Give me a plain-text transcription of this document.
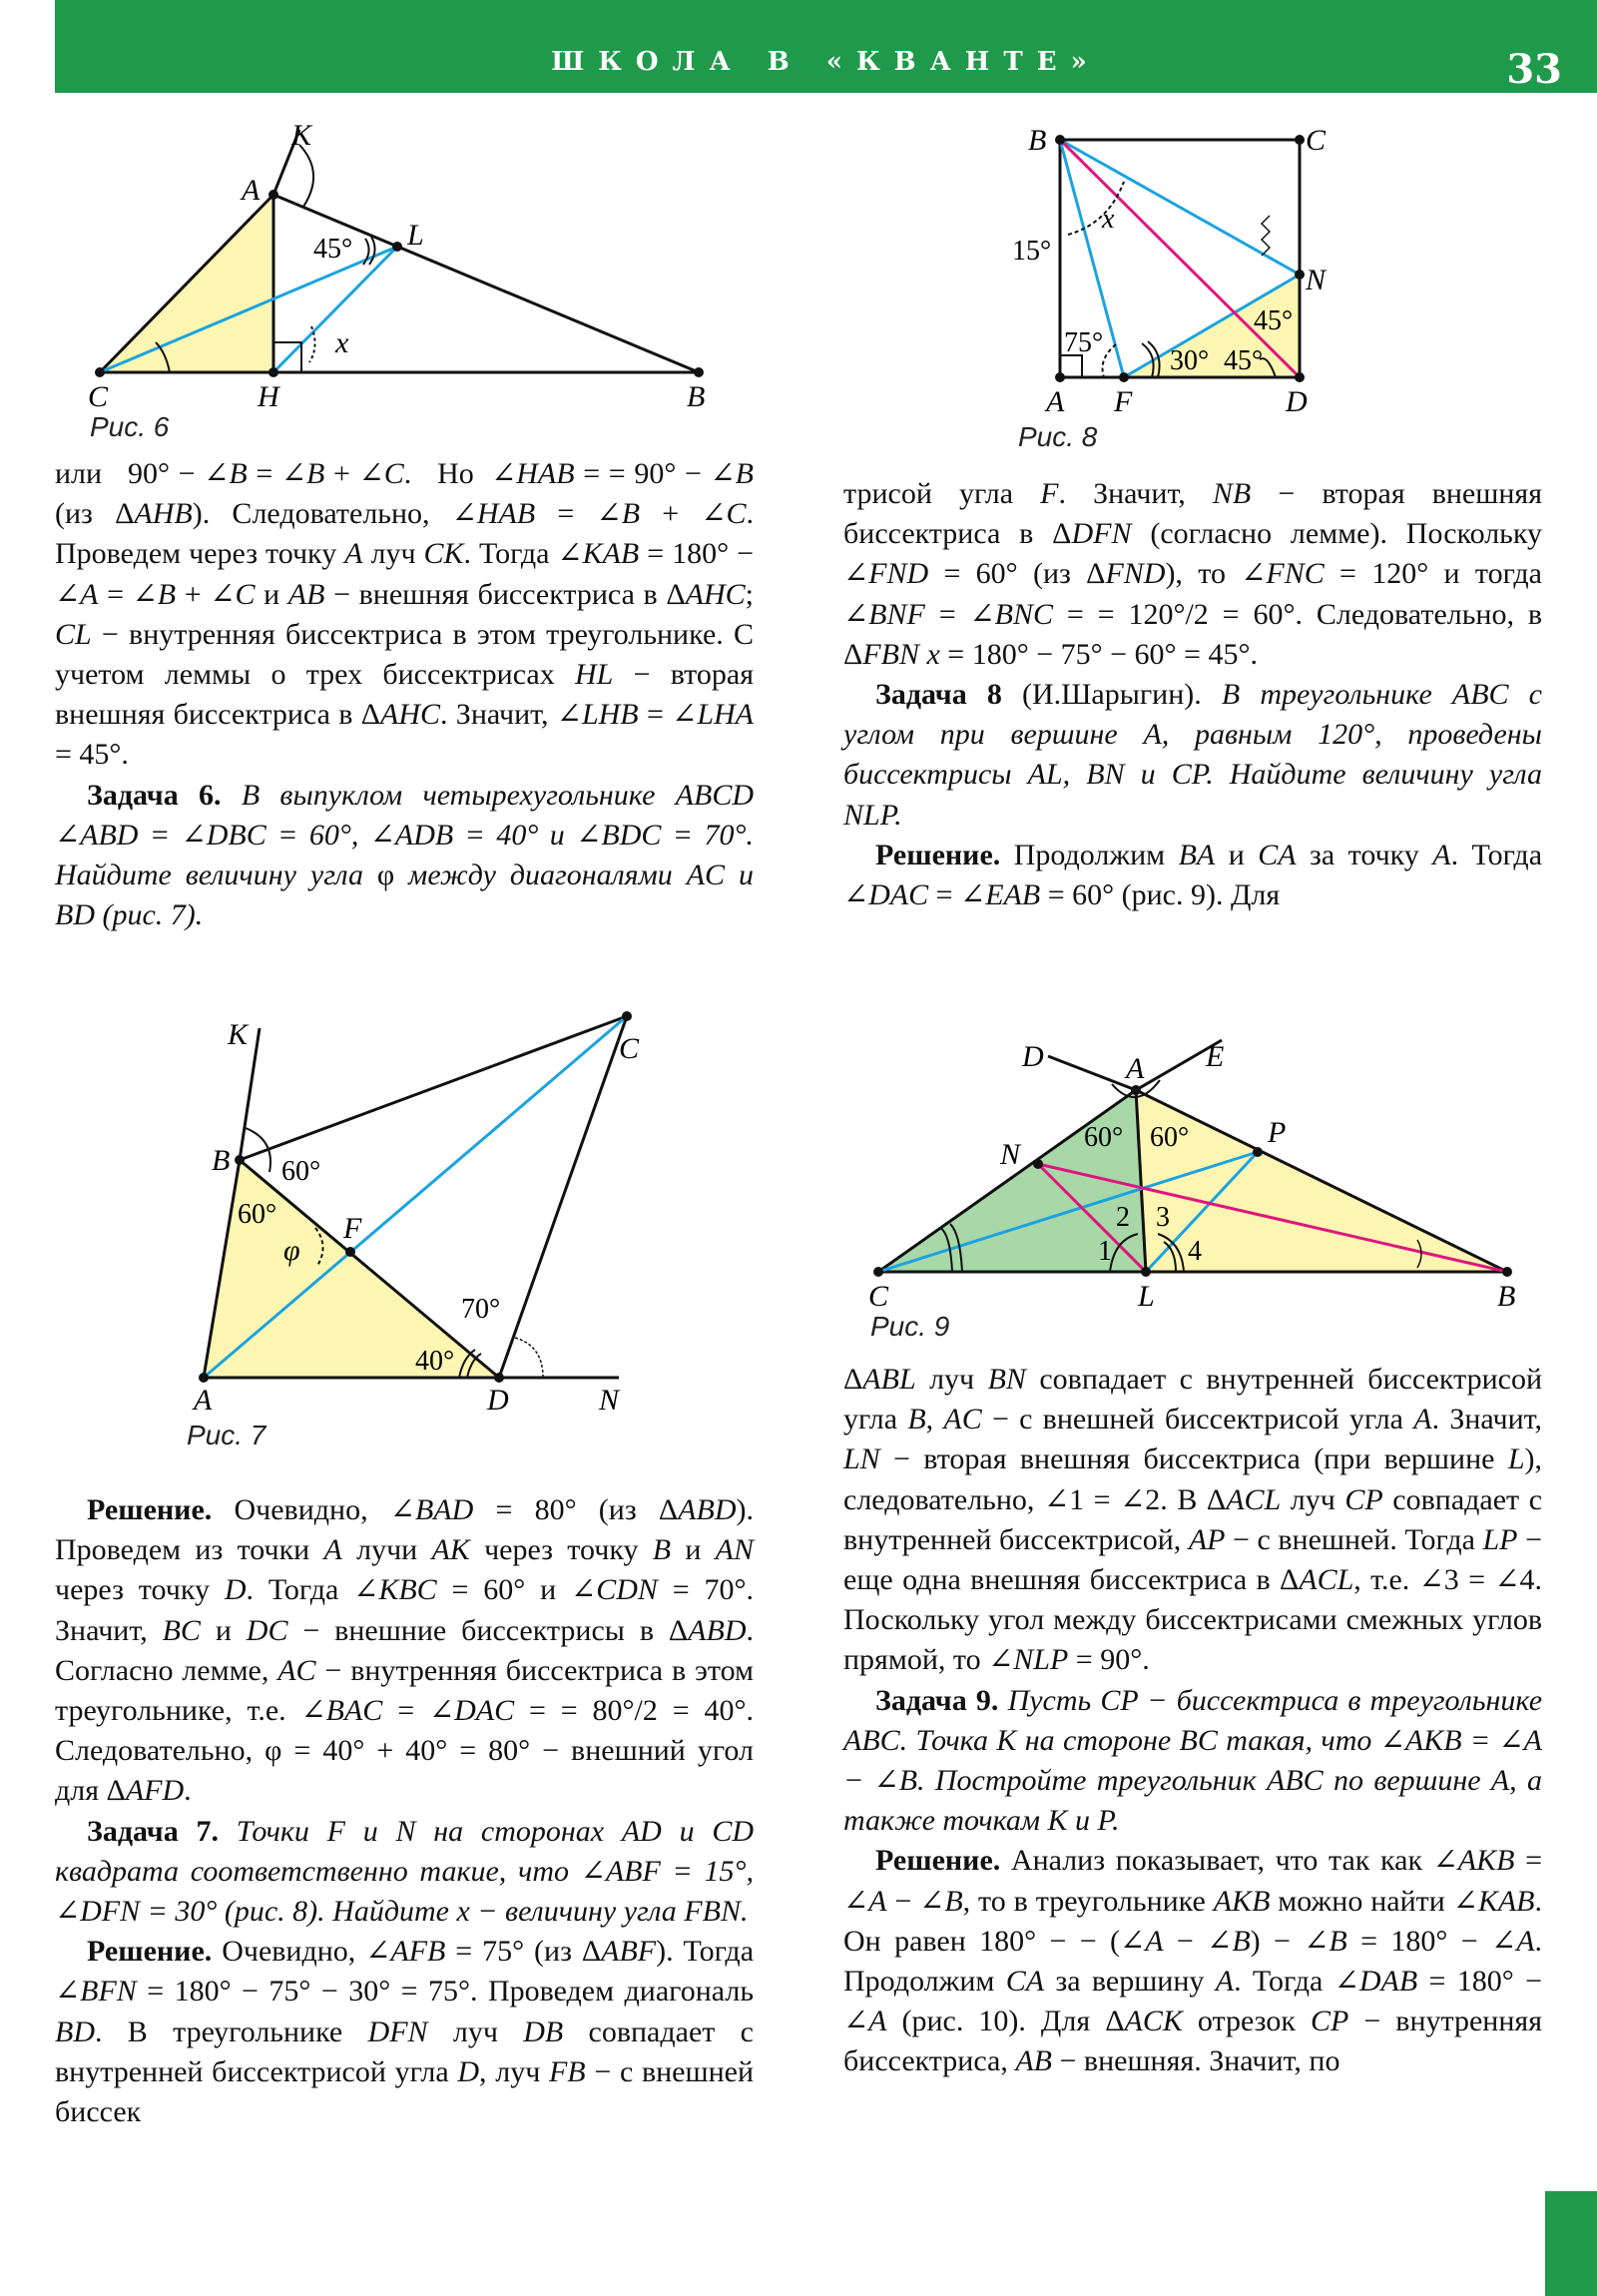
ШКОЛА В «КВАНТЕ»	33
K
A
L
C	H	B
x
45°
Рис. 6
B	C
N
A F	D
x
15°
75°
30° 45°
45°
Рис. 8
K
B
C
F
A	D	N
φ
60°
60°
70°
40°
Рис. 7
D	A E
N
P
C	L	B
60° 60°
1
2 3
4
Рис. 9

или   90° − ∠B = ∠B + ∠C.   Но  ∠HAB = = 90° − ∠B (из ΔAHB). Следовательно, ∠HAB = ∠B + ∠C. Проведем через точку A луч CK. Тогда ∠KAB = 180° − ∠A = ∠B + ∠C и AB − внешняя биссектриса в ΔAHC; CL − внутренняя биссектриса в этом треугольнике. С учетом леммы о трех биссектрисах HL − вторая внешняя биссектриса в ΔAHC. Значит, ∠LHB = ∠LHA = 45°.

Задача 6. В выпуклом четырехугольнике ABCD ∠ABD = ∠DBC = 60°, ∠ADB = 40° и ∠BDC = 70°. Найдите величину угла φ между диагоналями AC и BD (рис. 7).

Решение. Очевидно, ∠BAD = 80° (из ΔABD). Проведем из точки A лучи AK через точку B и AN через точку D. Тогда ∠KBC = 60° и ∠CDN = 70°. Значит, BC и DC − внешние биссектрисы в ΔABD. Согласно лемме, AC − внутренняя биссектриса в этом треугольнике, т.е. ∠BAC = ∠DAC = = 80°/2 = 40°. Следовательно, φ = 40° + 40° = 80° − внешний угол для ΔAFD.

Задача 7. Точки F и N на сторонах AD и CD квадрата соответственно такие, что ∠ABF = 15°, ∠DFN = 30° (рис. 8). Найдите x − величину угла FBN.

Решение. Очевидно, ∠AFB = 75° (из ΔABF). Тогда ∠BFN = 180° − 75° − 30° = 75°. Проведем диагональ BD. В треугольнике DFN луч DB совпадает с внутренней биссектрисой угла D, луч FB − с внешней биссек

трисой угла F. Значит, NB − вторая внешняя биссектриса в ΔDFN (согласно лемме). Поскольку ∠FND = 60° (из ΔFND), то ∠FNC = 120° и тогда ∠BNF = ∠BNC = = 120°/2 = 60°. Следовательно, в ΔFBN x = 180° − 75° − 60° = 45°.

Задача 8 (И.Шарыгин). В треугольнике ABC с углом при вершине A, равным 120°, проведены биссектрисы AL, BN и CP. Найдите величину угла NLP.

Решение. Продолжим BA и CA за точку A. Тогда ∠DAC = ∠EAB = 60° (рис. 9). Для

ΔABL луч BN совпадает с внутренней биссектрисой угла B, AC − с внешней биссектрисой угла A. Значит, LN − вторая внешняя биссектриса (при вершине L), следовательно, ∠1 = ∠2. В ΔACL луч CP совпадает с внутренней биссектрисой, AP − с внешней. Тогда LP − еще одна внешняя биссектриса в ΔACL, т.е. ∠3 = ∠4. Поскольку угол между биссектрисами смежных углов прямой, то ∠NLP = 90°.

Задача 9. Пусть CP − биссектриса в треугольнике ABC. Точка K на стороне BC такая, что ∠AKB = ∠A − ∠B. Постройте треугольник ABC по вершине A, а также точкам K и P.

Решение. Анализ показывает, что так как ∠AKB = ∠A − ∠B, то в треугольнике AKB можно найти ∠KAB. Он равен 180° − − (∠A − ∠B) − ∠B = 180° − ∠A. Продолжим CA за вершину A. Тогда ∠DAB = 180° − ∠A (рис. 10). Для ΔACK отрезок CP − внутренняя биссектриса, AB − внешняя. Значит, по
